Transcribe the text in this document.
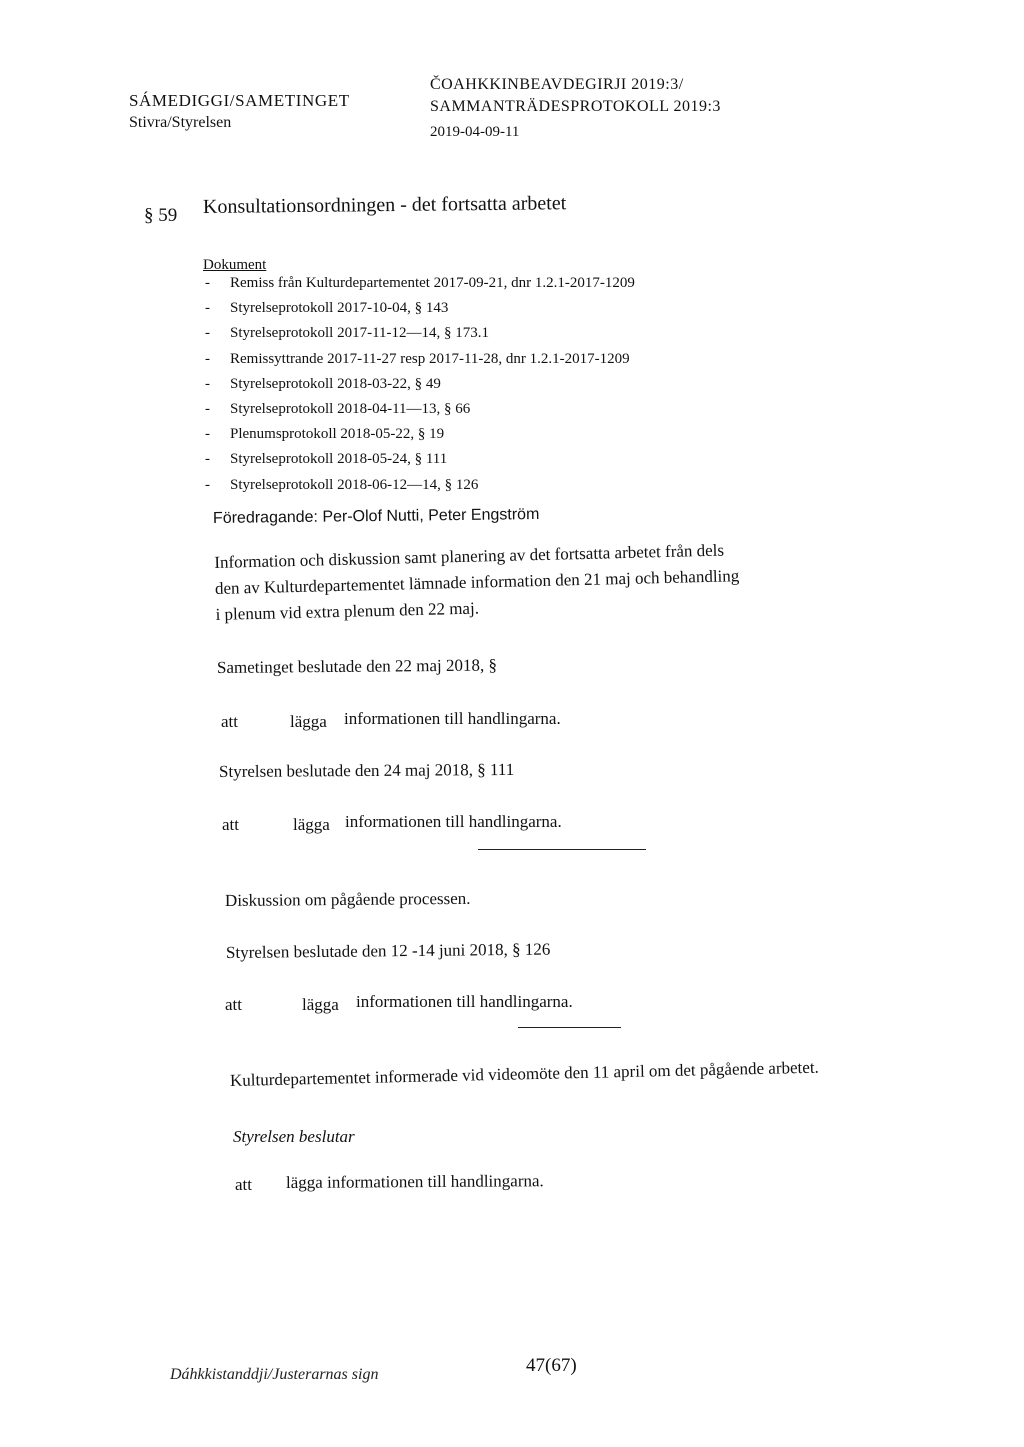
SÁMEDIGGI/SAMETINGET
Stivra/Styrelsen
ČOAHKKINBEAVDEGIRJI 2019:3/
SAMMANTRÄDESPROTOKOLL 2019:3
2019-04-09-11
§ 59 Konsultationsordningen - det fortsatta arbetet
Dokument
- Remiss från Kulturdepartementet 2017-09-21, dnr 1.2.1-2017-1209
- Styrelseprotokoll 2017-10-04, § 143
- Styrelseprotokoll 2017-11-12—14, § 173.1
- Remissyttrande 2017-11-27 resp 2017-11-28, dnr 1.2.1-2017-1209
- Styrelseprotokoll 2018-03-22, § 49
- Styrelseprotokoll 2018-04-11—13, § 66
- Plenumsprotokoll 2018-05-22, § 19
- Styrelseprotokoll 2018-05-24, § 111
- Styrelseprotokoll 2018-06-12—14, § 126
Föredragande: Per-Olof Nutti, Peter Engström
Information och diskussion samt planering av det fortsatta arbetet från dels
den av Kulturdepartementet lämnade information den 21 maj och behandling
i plenum vid extra plenum den 22 maj.
Sametinget beslutade den 22 maj 2018, §
att	lägga informationen till handlingarna.
Styrelsen beslutade den 24 maj 2018, § 111
att	lägga informationen till handlingarna.
Diskussion om pågående processen.
Styrelsen beslutade den 12 -14 juni 2018, § 126
att	lägga informationen till handlingarna.
Kulturdepartementet informerade vid videomöte den 11 april om det pågående arbetet.
Styrelsen beslutar
att lägga informationen till handlingarna.
Dáhkkistanddji/Justerarnas sign	47(67)
